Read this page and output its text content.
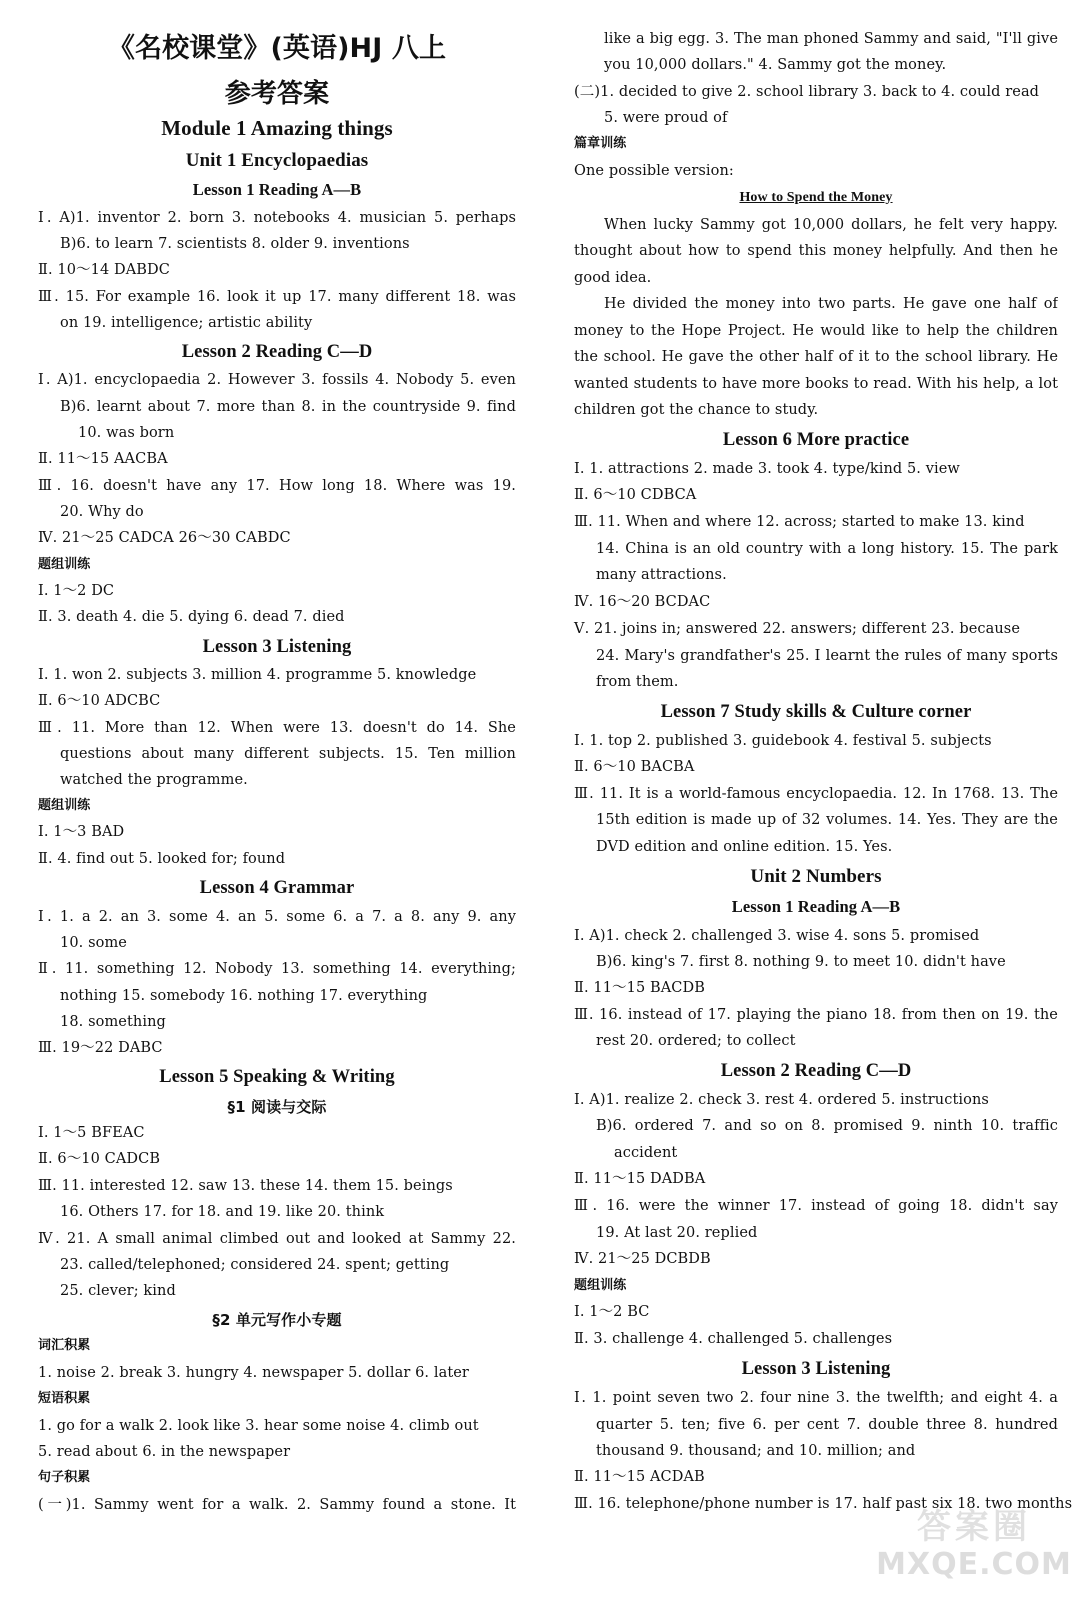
《名校课堂》(英语)HJ 八上
参考答案
Module 1 Amazing things
Unit 1 Encyclopaedias
Lesson 1 Reading A—B
Ⅰ. A)1. inventor 2. born 3. notebooks 4. musician 5. perhaps
B)6. to learn 7. scientists 8. older 9. inventions
Ⅱ. 10～14 DABDC
Ⅲ. 15. For example 16. look it up 17. many different 18. was
on 19. intelligence; artistic ability
Lesson 2 Reading C—D
Ⅰ. A)1. encyclopaedia 2. However 3. fossils 4. Nobody 5. even
B)6. learnt about 7. more than 8. in the countryside 9. find
10. was born
Ⅱ. 11～15 AACBA
Ⅲ. 16. doesn't have any 17. How long 18. Where was 19.
20. Why do
Ⅳ. 21～25 CADCA 26～30 CABDC
题组训练
Ⅰ. 1～2 DC
Ⅱ. 3. death 4. die 5. dying 6. dead 7. died
Lesson 3 Listening
Ⅰ. 1. won 2. subjects 3. million 4. programme 5. knowledge
Ⅱ. 6～10 ADCBC
Ⅲ. 11. More than 12. When were 13. doesn't do 14. She
questions about many different subjects. 15. Ten million
watched the programme.
题组训练
Ⅰ. 1～3 BAD
Ⅱ. 4. find out 5. looked for; found
Lesson 4 Grammar
Ⅰ. 1. a 2. an 3. some 4. an 5. some 6. a 7. a 8. any 9. any
10. some
Ⅱ. 11. something 12. Nobody 13. something 14. everything;
nothing 15. somebody 16. nothing 17. everything
18. something
Ⅲ. 19～22 DABC
Lesson 5 Speaking & Writing
§1 阅读与交际
Ⅰ. 1～5 BFEAC
Ⅱ. 6～10 CADCB
Ⅲ. 11. interested 12. saw 13. these 14. them 15. beings
16. Others 17. for 18. and 19. like 20. think
Ⅳ. 21. A small animal climbed out and looked at Sammy 22.
23. called/telephoned; considered 24. spent; getting
25. clever; kind
§2 单元写作小专题
词汇积累
1. noise 2. break 3. hungry 4. newspaper 5. dollar 6. later
短语积累
1. go for a walk 2. look like 3. hear some noise 4. climb out
5. read about 6. in the newspaper
句子积累
(一)1. Sammy went for a walk. 2. Sammy found a stone. It
like a big egg. 3. The man phoned Sammy and said, "I'll give
you 10,000 dollars." 4. Sammy got the money.
(二)1. decided to give 2. school library 3. back to 4. could read
5. were proud of
篇章训练
One possible version:
How to Spend the Money
When lucky Sammy got 10,000 dollars, he felt very happy.
thought about how to spend this money helpfully. And then he
good idea.
He divided the money into two parts. He gave one half of
money to the Hope Project. He would like to help the children
the school. He gave the other half of it to the school library. He
wanted students to have more books to read. With his help, a lot
children got the chance to study.
Lesson 6 More practice
Ⅰ. 1. attractions 2. made 3. took 4. type/kind 5. view
Ⅱ. 6～10 CDBCA
Ⅲ. 11. When and where 12. across; started to make 13. kind
14. China is an old country with a long history. 15. The park
many attractions.
Ⅳ. 16～20 BCDAC
Ⅴ. 21. joins in; answered 22. answers; different 23. because
24. Mary's grandfather's 25. I learnt the rules of many sports
from them.
Lesson 7 Study skills & Culture corner
Ⅰ. 1. top 2. published 3. guidebook 4. festival 5. subjects
Ⅱ. 6～10 BACBA
Ⅲ. 11. It is a world-famous encyclopaedia. 12. In 1768. 13. The
15th edition is made up of 32 volumes. 14. Yes. They are the
DVD edition and online edition. 15. Yes.
Unit 2 Numbers
Lesson 1 Reading A—B
Ⅰ. A)1. check 2. challenged 3. wise 4. sons 5. promised
B)6. king's 7. first 8. nothing 9. to meet 10. didn't have
Ⅱ. 11～15 BACDB
Ⅲ. 16. instead of 17. playing the piano 18. from then on 19. the
rest 20. ordered; to collect
Lesson 2 Reading C—D
Ⅰ. A)1. realize 2. check 3. rest 4. ordered 5. instructions
B)6. ordered 7. and so on 8. promised 9. ninth 10. traffic
accident
Ⅱ. 11～15 DADBA
Ⅲ. 16. were the winner 17. instead of going 18. didn't say
19. At last 20. replied
Ⅳ. 21～25 DCBDB
题组训练
Ⅰ. 1～2 BC
Ⅱ. 3. challenge 4. challenged 5. challenges
Lesson 3 Listening
Ⅰ. 1. point seven two 2. four nine 3. the twelfth; and eight 4. a
quarter 5. ten; five 6. per cent 7. double three 8. hundred
thousand 9. thousand; and 10. million; and
Ⅱ. 11～15 ACDAB
Ⅲ. 16. telephone/phone number is 17. half past six 18. two months
答案圈
MXQE.COM
